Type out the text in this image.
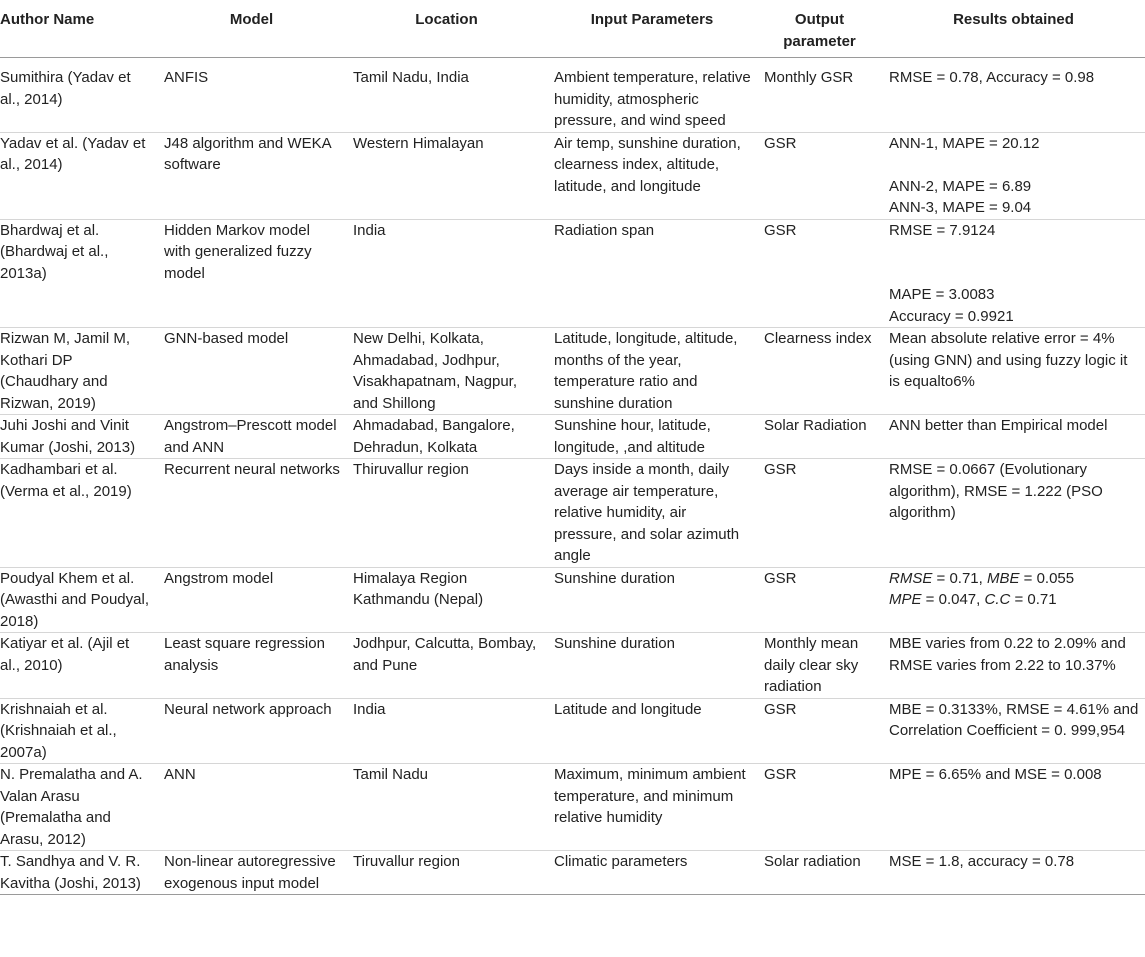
Author Name	Model	Location	Input Parameters	Output parameter	Results obtained
Sumithira (Yadav et al., 2014)	ANFIS	Tamil Nadu, India	Ambient temperature, relative humidity, atmospheric pressure, and wind speed	Monthly GSR	RMSE = 0.78, Accuracy = 0.98

Yadav et al. (Yadav et al., 2014)	J48 algorithm and WEKA software	Western Himalayan	Air temp, sunshine duration, clearness index, altitude, latitude, and longitude	GSR	ANN-1, MAPE = 20.12
ANN-2, MAPE = 6.89
ANN-3, MAPE = 9.04

Bhardwaj et al. (Bhardwaj et al., 2013a)	Hidden Markov model with generalized fuzzy model	India	Radiation span	GSR	RMSE = 7.9124
MAPE = 3.0083
Accuracy = 0.9921

Rizwan M, Jamil M, Kothari DP (Chaudhary and Rizwan, 2019)	GNN-based model	New Delhi, Kolkata, Ahmadabad, Jodhpur, Visakhapatnam, Nagpur, and Shillong	Latitude, longitude, altitude, months of the year, temperature ratio and sunshine duration	Clearness index	Mean absolute relative error = 4% (using GNN) and using fuzzy logic it is equalto6%

Juhi Joshi and Vinit Kumar (Joshi, 2013)	Angstrom–Prescott model and ANN	Ahmadabad, Bangalore, Dehradun, Kolkata	Sunshine hour, latitude, longitude, ,and altitude	Solar Radiation	ANN better than Empirical model

Kadhambari et al. (Verma et al., 2019)	Recurrent neural networks	Thiruvallur region	Days inside a month, daily average air temperature, relative humidity, air pressure, and solar azimuth angle	GSR	RMSE = 0.0667 (Evolutionary algorithm), RMSE = 1.222 (PSO algorithm)

Poudyal Khem et al. (Awasthi and Poudyal, 2018)	Angstrom model	Himalaya Region Kathmandu (Nepal)	Sunshine duration	GSR	RMSE = 0.71, MBE = 0.055
MPE = 0.047, C.C = 0.71

Katiyar et al. (Ajil et al., 2010)	Least square regression analysis	Jodhpur, Calcutta, Bombay, and Pune	Sunshine duration	Monthly mean daily clear sky radiation	MBE varies from 0.22 to 2.09% and RMSE varies from 2.22 to 10.37%

Krishnaiah et al. (Krishnaiah et al., 2007a)	Neural network approach	India	Latitude and longitude	GSR	MBE = 0.3133%, RMSE = 4.61% and Correlation Coefficient = 0. 999,954

N. Premalatha and A. Valan Arasu (Premalatha and Arasu, 2012)	ANN	Tamil Nadu	Maximum, minimum ambient temperature, and minimum relative humidity	GSR	MPE = 6.65% and MSE = 0.008

T. Sandhya and V. R. Kavitha (Joshi, 2013)	Non-linear autoregressive exogenous input model	Tiruvallur region	Climatic parameters	Solar radiation	MSE = 1.8, accuracy = 0.78
